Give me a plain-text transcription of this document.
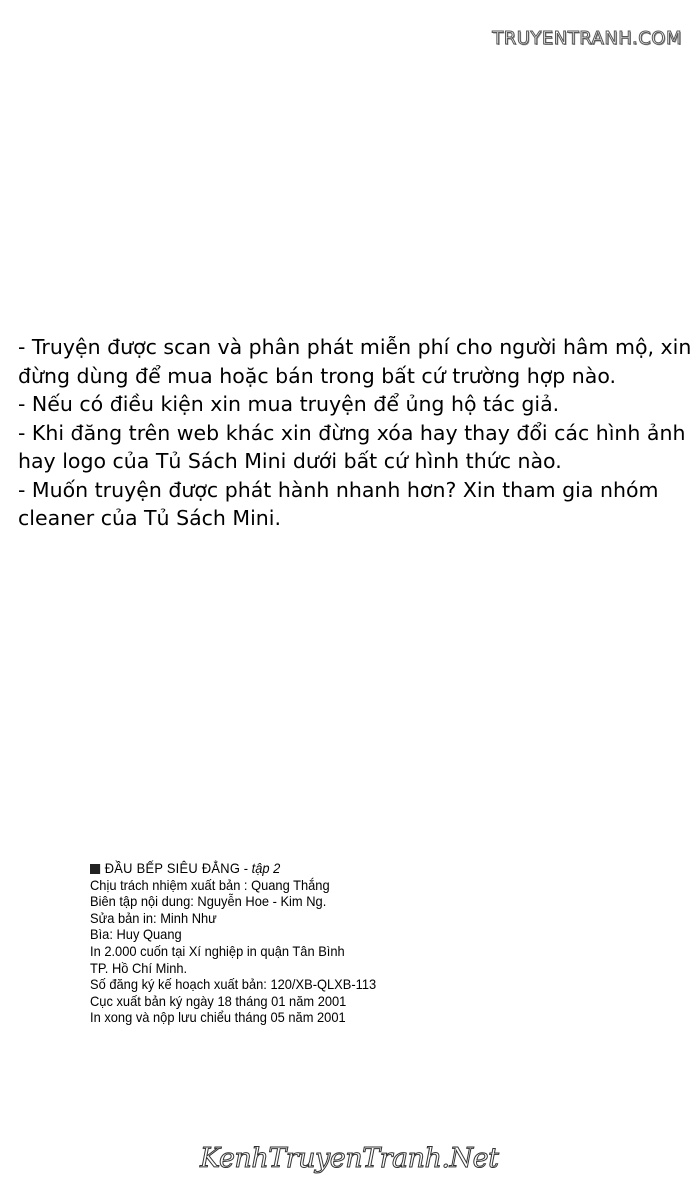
TRUYENTRANH.COM
- Truyện được scan và phân phát miễn phí cho người hâm mộ, xin
đừng dùng để mua hoặc bán trong bất cứ trường hợp nào.
- Nếu có điều kiện xin mua truyện để ủng hộ tác giả.
- Khi đăng trên web khác xin đừng xóa hay thay đổi các hình ảnh
hay logo của Tủ Sách Mini dưới bất cứ hình thức nào.
- Muốn truyện được phát hành nhanh hơn? Xin tham gia nhóm
cleaner của Tủ Sách Mini.
ĐẦU BẾP SIÊU ĐẲNG - tập 2
Chịu trách nhiệm xuất bản : Quang Thắng
Biên tập nội dung: Nguyễn Hoe - Kim Ng.
Sửa bản in: Minh Như
Bìa: Huy Quang
In 2.000 cuốn tại Xí nghiệp in quận Tân Bình
TP. Hồ Chí Minh.
Số đăng ký kế hoạch xuất bản: 120/XB-QLXB-113
Cục xuất bản ký ngày 18 tháng 01 năm 2001
In xong và nộp lưu chiểu tháng 05 năm 2001
KenhTruyenTranh.Net
